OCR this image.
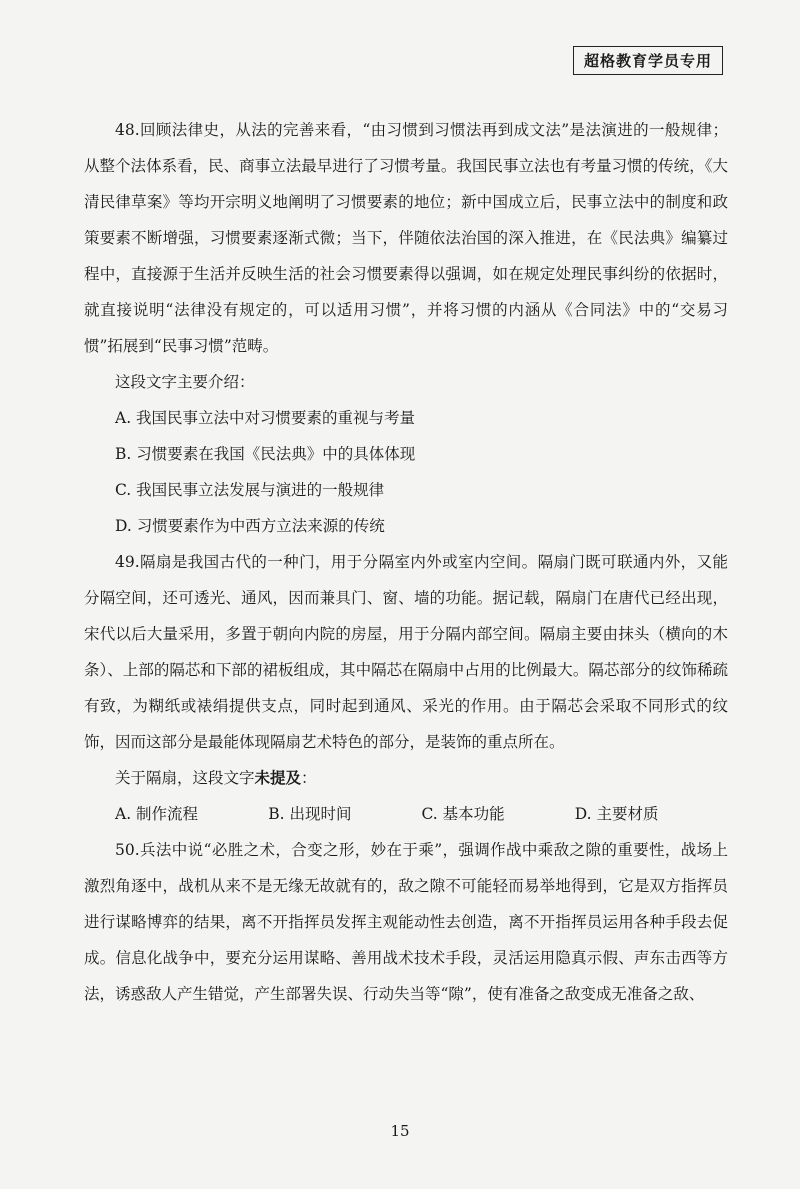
超格教育学员专用

48.回顾法律史，从法的完善来看，“由习惯到习惯法再到成文法”是法演进的一般规律；从整个法体系看，民、商事立法最早进行了习惯考量。我国民事立法也有考量习惯的传统，《大清民律草案》等均开宗明义地阐明了习惯要素的地位；新中国成立后，民事立法中的制度和政策要素不断增强，习惯要素逐渐式微；当下，伴随依法治国的深入推进，在《民法典》编纂过程中，直接源于生活并反映生活的社会习惯要素得以强调，如在规定处理民事纠纷的依据时，就直接说明“法律没有规定的，可以适用习惯”，并将习惯的内涵从《合同法》中的“交易习惯”拓展到“民事习惯”范畴。

这段文字主要介绍：

A. 我国民事立法中对习惯要素的重视与考量

B. 习惯要素在我国《民法典》中的具体体现

C. 我国民事立法发展与演进的一般规律

D. 习惯要素作为中西方立法来源的传统

49.隔扇是我国古代的一种门，用于分隔室内外或室内空间。隔扇门既可联通内外，又能分隔空间，还可透光、通风，因而兼具门、窗、墙的功能。据记载，隔扇门在唐代已经出现，宋代以后大量采用，多置于朝向内院的房屋，用于分隔内部空间。隔扇主要由抹头（横向的木条）、上部的隔芯和下部的裙板组成，其中隔芯在隔扇中占用的比例最大。隔芯部分的纹饰稀疏有致，为糊纸或裱绢提供支点，同时起到通风、采光的作用。由于隔芯会采取不同形式的纹饰，因而这部分是最能体现隔扇艺术特色的部分，是装饰的重点所在。

关于隔扇，这段文字未提及：

A. 制作流程	B. 出现时间	C. 基本功能	D. 主要材质

50.兵法中说“必胜之术，合变之形，妙在于乘”，强调作战中乘敌之隙的重要性，战场上激烈角逐中，战机从来不是无缘无故就有的，敌之隙不可能轻而易举地得到，它是双方指挥员进行谋略博弈的结果，离不开指挥员发挥主观能动性去创造，离不开指挥员运用各种手段去促成。信息化战争中，要充分运用谋略、善用战术技术手段，灵活运用隐真示假、声东击西等方法，诱惑敌人产生错觉，产生部署失误、行动失当等“隙”，使有准备之敌变成无准备之敌、

15
